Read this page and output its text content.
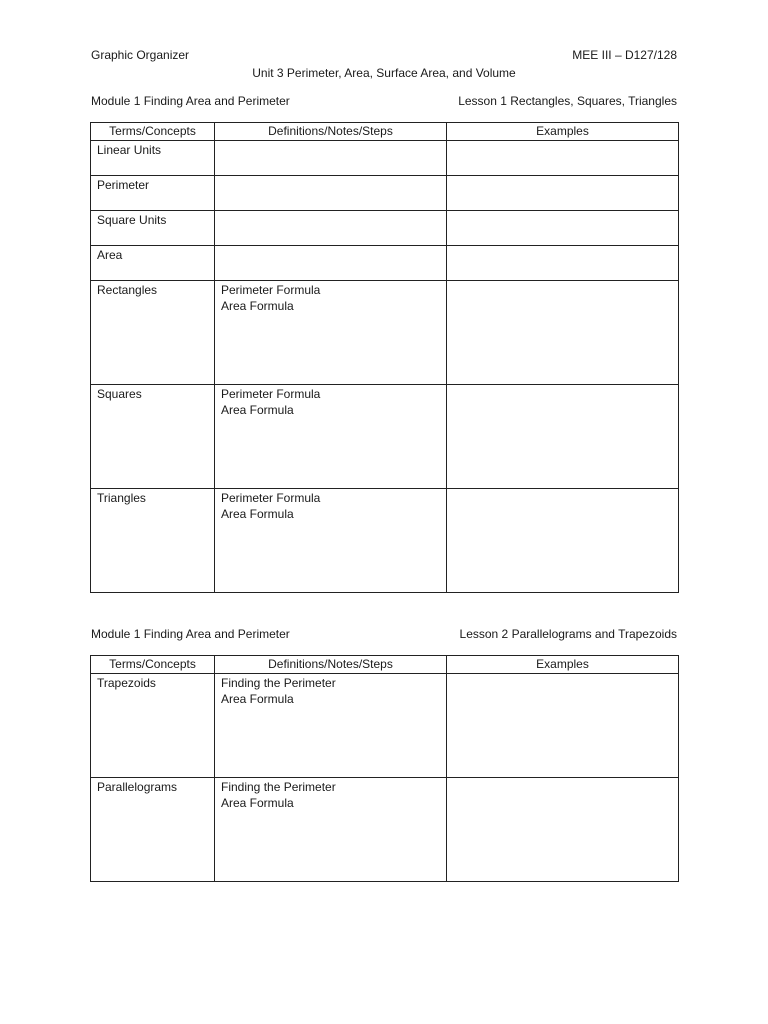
Graphic Organizer	MEE III – D127/128
Unit 3 Perimeter, Area, Surface Area, and Volume
Module 1 Finding Area and Perimeter	Lesson 1 Rectangles, Squares, Triangles
Terms/Concepts	Definitions/Notes/Steps	Examples

Linear Units		

Perimeter		

Square Units		

Area		

Rectangles	Perimeter Formula
Area Formula	

Squares	Perimeter Formula
Area Formula	

Triangles	Perimeter Formula
Area Formula	

Module 1 Finding Area and Perimeter	Lesson 2 Parallelograms and Trapezoids
Terms/Concepts	Definitions/Notes/Steps	Examples

Trapezoids	Finding the Perimeter
Area Formula	

Parallelograms	Finding the Perimeter
Area Formula	
